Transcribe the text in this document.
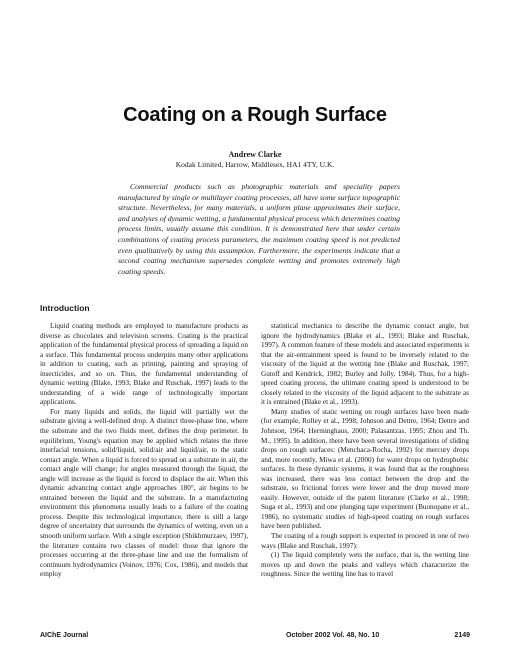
Coating on a Rough Surface
Andrew Clarke
Kodak Limited, Harrow, Middlesex, HA1 4TY, U.K.
Commercial products such as photographic materials and speciality papers manufactured by single or multilayer coating processes, all have some surface topographic structure. Nevertheless, for many materials, a uniform plane approximates their surface, and analyses of dynamic wetting, a fundamental physical process which determines coating process limits, usually assume this condition. It is demonstrated here that under certain combinations of coating process parameters, the maximum coating speed is not predicted even qualitatively by using this assumption. Furthermore, the experiments indicate that a second coating mechanism supersedes complete wetting and promotes extremely high coating speeds.
Introduction

Liquid coating methods are employed to manufacture products as diverse as chocolates and television screens. Coating is the practical application of the fundamental physical process of spreading a liquid on a surface. This fundamental process underpins many other applications in addition to coating, such as printing, painting and spraying of insecticides, and so on. Thus, the fundamental understanding of dynamic wetting (Blake, 1993; Blake and Ruschak, 1997) leads to the understanding of a wide range of technologically important applications.

For many liquids and solids, the liquid will partially wet the substrate giving a well-defined drop. A distinct three-phase line, where the substrate and the two fluids meet, defines the drop perimeter. In equilibrium, Young's equation may be applied which relates the three interfacial tensions, solid/liquid, solid/air and liquid/air, to the static contact angle. When a liquid is forced to spread on a substrate in air, the contact angle will change; for angles measured through the liquid, the angle will increase as the liquid is forced to displace the air. When this dynamic advancing contact angle approaches 180°, air begins to be entrained between the liquid and the substrate. In a manufacturing environment this phenomena usually leads to a failure of the coating process. Despite this technological importance, there is still a large degree of uncertainty that surrounds the dynamics of wetting, even on a smooth uniform surface. With a single exception (Shikhmurzaev, 1997), the literature contains two classes of model: those that ignore the processes occurring at the three-phase line and use the formalism of continuum hydrodynamics (Voinov, 1976; Cox, 1986), and models that employ

statistical mechanics to describe the dynamic contact angle, but ignore the hydrodynamics (Blake et al., 1993; Blake and Ruschak, 1997). A common feature of these models and associated experiments is that the air-entrainment speed is found to be inversely related to the viscosity of the liquid at the wetting line (Blake and Ruschak, 1997; Gutoff and Kendrick, 1982; Burley and Jolly, 1984). Thus, for a high-speed coating process, the ultimate coating speed is understood to be closely related to the viscosity of the liquid adjacent to the substrate as it is entrained (Blake et al., 1993).

Many studies of static wetting on rough surfaces have been made (for example, Rolley et al., 1998; Johnson and Dettre, 1964; Dettre and Johnson, 1964; Herminghaus, 2000; Palasantzas, 1995; Zhou and Th. M., 1995). In addition, there have been several investigations of sliding drops on rough surfaces: (Menchaca-Rocha, 1992) for mercury drops and, more recently, Miwa et al. (2000) for water drops on hydrophobic surfaces. In these dynamic systems, it was found that as the roughness was increased, there was less contact between the drop and the substrate, so frictional forces were lower and the drop moved more easily. However, outside of the patent literature (Clarke et al., 1998; Suga et al., 1993) and one plunging tape experiment (Buonopane et al., 1986), no systematic studies of high-speed coating on rough surfaces have been published.

The coating of a rough support is expected to proceed in one of two ways (Blake and Ruschak, 1997):

(1) The liquid completely wets the surface, that is, the wetting line moves up and down the peaks and valleys which characterize the roughness. Since the wetting line has to travel

AIChE Journal	October 2002 Vol. 48, No. 10	2149
